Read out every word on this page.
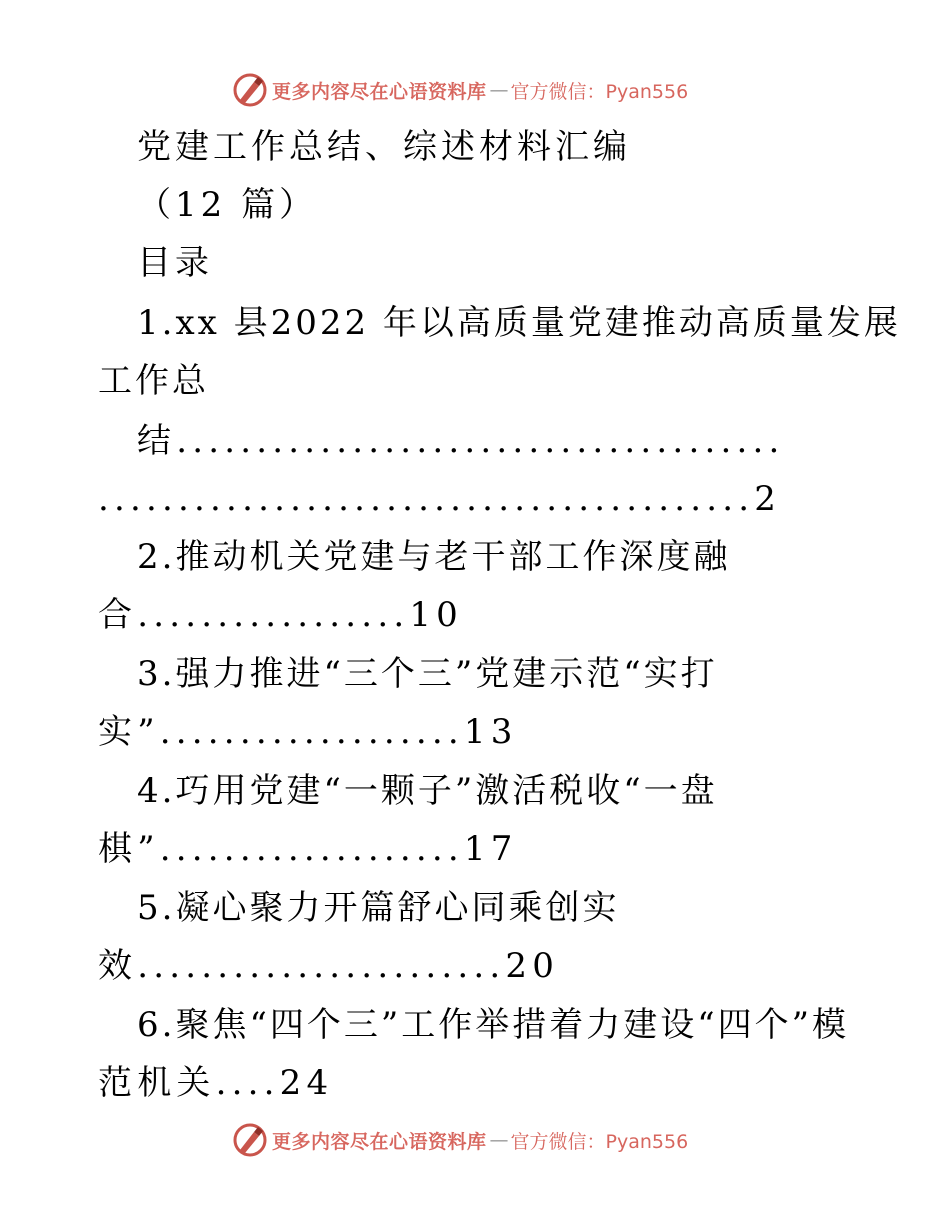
更多内容尽在心语资料库 — 官方微信：Pyan556
党建工作总结、综述材料汇编
（12 篇）
目录
1.xx 县2022 年以高质量党建推动高质量发展
工作总
结......................................
.........................................2
2.推动机关党建与老干部工作深度融
合.................10
3.强力推进“三个三”党建示范“实打
实”...................13
4.巧用党建“一颗子”激活税收“一盘
棋”...................17
5.凝心聚力开篇舒心同乘创实
效.......................20
6.聚焦“四个三”工作举措着力建设“四个”模
范机关....24
更多内容尽在心语资料库 — 官方微信：Pyan556
